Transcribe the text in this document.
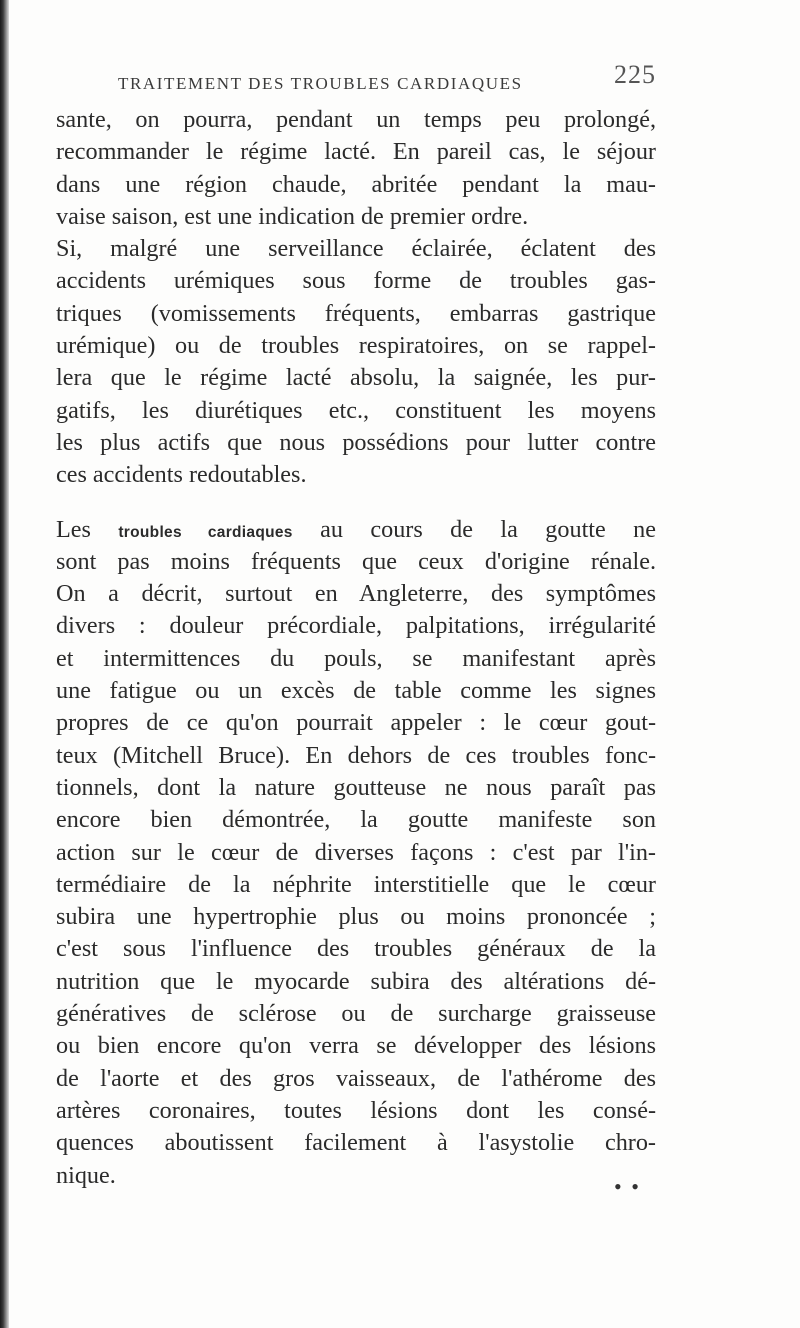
TRAITEMENT DES TROUBLES CARDIAQUES	225
sante, on pourra, pendant un temps peu prolongé,
recommander le régime lacté. En pareil cas, le séjour
dans une région chaude, abritée pendant la mau-
vaise saison, est une indication de premier ordre.
Si, malgré une serveillance éclairée, éclatent des
accidents urémiques sous forme de troubles gas-
triques (vomissements fréquents, embarras gastrique
urémique) ou de troubles respiratoires, on se rappel-
lera que le régime lacté absolu, la saignée, les pur-
gatifs, les diurétiques etc., constituent les moyens
les plus actifs que nous possédions pour lutter contre
ces accidents redoutables.
Les troubles cardiaques au cours de la goutte ne
sont pas moins fréquents que ceux d'origine rénale.
On a décrit, surtout en Angleterre, des symptômes
divers : douleur précordiale, palpitations, irrégularité
et intermittences du pouls, se manifestant après
une fatigue ou un excès de table comme les signes
propres de ce qu'on pourrait appeler : le cœur gout-
teux (Mitchell Bruce). En dehors de ces troubles fonc-
tionnels, dont la nature goutteuse ne nous paraît pas
encore bien démontrée, la goutte manifeste son
action sur le cœur de diverses façons : c'est par l'in-
termédiaire de la néphrite interstitielle que le cœur
subira une hypertrophie plus ou moins prononcée ;
c'est sous l'influence des troubles généraux de la
nutrition que le myocarde subira des altérations dé-
génératives de sclérose ou de surcharge graisseuse
ou bien encore qu'on verra se développer des lésions
de l'aorte et des gros vaisseaux, de l'athérome des
artères coronaires, toutes lésions dont les consé-
quences aboutissent facilement à l'asystolie chro-
nique.	• •
